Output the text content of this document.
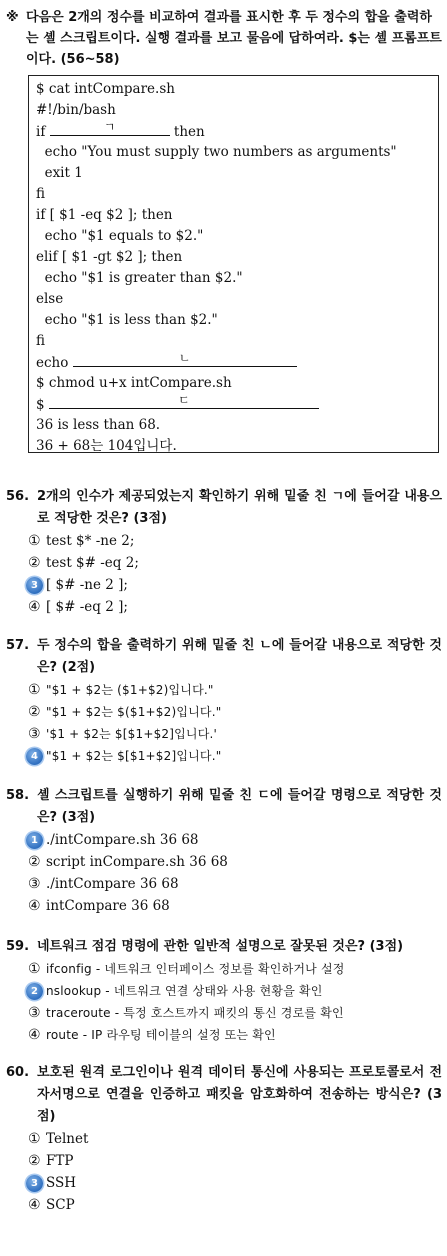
※ 다음은 2개의 정수를 비교하여 결과를 표시한 후 두 정수의 합을 출력하는 셸 스크립트이다. 실행 결과를 보고 물음에 답하여라. $는 셸 프롬프트이다. (56~58)
$ cat intCompare.sh
#!/bin/bash
if	ㄱ	then
echo "You must supply two numbers as arguments"
exit 1
fi
if [ $1 -eq $2 ]; then
echo "$1 equals to $2."
elif [ $1 -gt $2 ]; then
echo "$1 is greater than $2."
else
echo "$1 is less than $2."
fi
echo	ㄴ
$ chmod u+x intCompare.sh
$	ㄷ
36 is less than 68.
36 + 68는 104입니다.
56. 2개의 인수가 제공되었는지 확인하기 위해 밑줄 친 ㄱ에 들어갈 내용으로 적당한 것은? (3점)
① test $* -ne 2;
② test $# -eq 2;
3 [ $# -ne 2 ];
④ [ $# -eq 2 ];
57. 두 정수의 합을 출력하기 위해 밑줄 친 ㄴ에 들어갈 내용으로 적당한 것은? (2점)
① "$1 + $2는 ($1+$2)입니다."
② "$1 + $2는 $($1+$2)입니다."
③ '$1 + $2는 $[$1+$2]입니다.'
4 "$1 + $2는 $[$1+$2]입니다."
58. 셸 스크립트를 실행하기 위해 밑줄 친 ㄷ에 들어갈 명령으로 적당한 것은? (3점)
1 ./intCompare.sh 36 68
② script inCompare.sh 36 68
③ ./intCompare 36 68
④ intCompare 36 68
59. 네트워크 점검 명령에 관한 일반적 설명으로 잘못된 것은? (3점)
① ifconfig - 네트워크 인터페이스 정보를 확인하거나 설정
2 nslookup - 네트워크 연결 상태와 사용 현황을 확인
③ traceroute - 특정 호스트까지 패킷의 통신 경로를 확인
④ route - IP 라우팅 테이블의 설정 또는 확인
60. 보호된 원격 로그인이나 원격 데이터 통신에 사용되는 프로토콜로서 전자서명으로 연결을 인증하고 패킷을 암호화하여 전송하는 방식은? (3점)
① Telnet
② FTP
3 SSH
④ SCP
